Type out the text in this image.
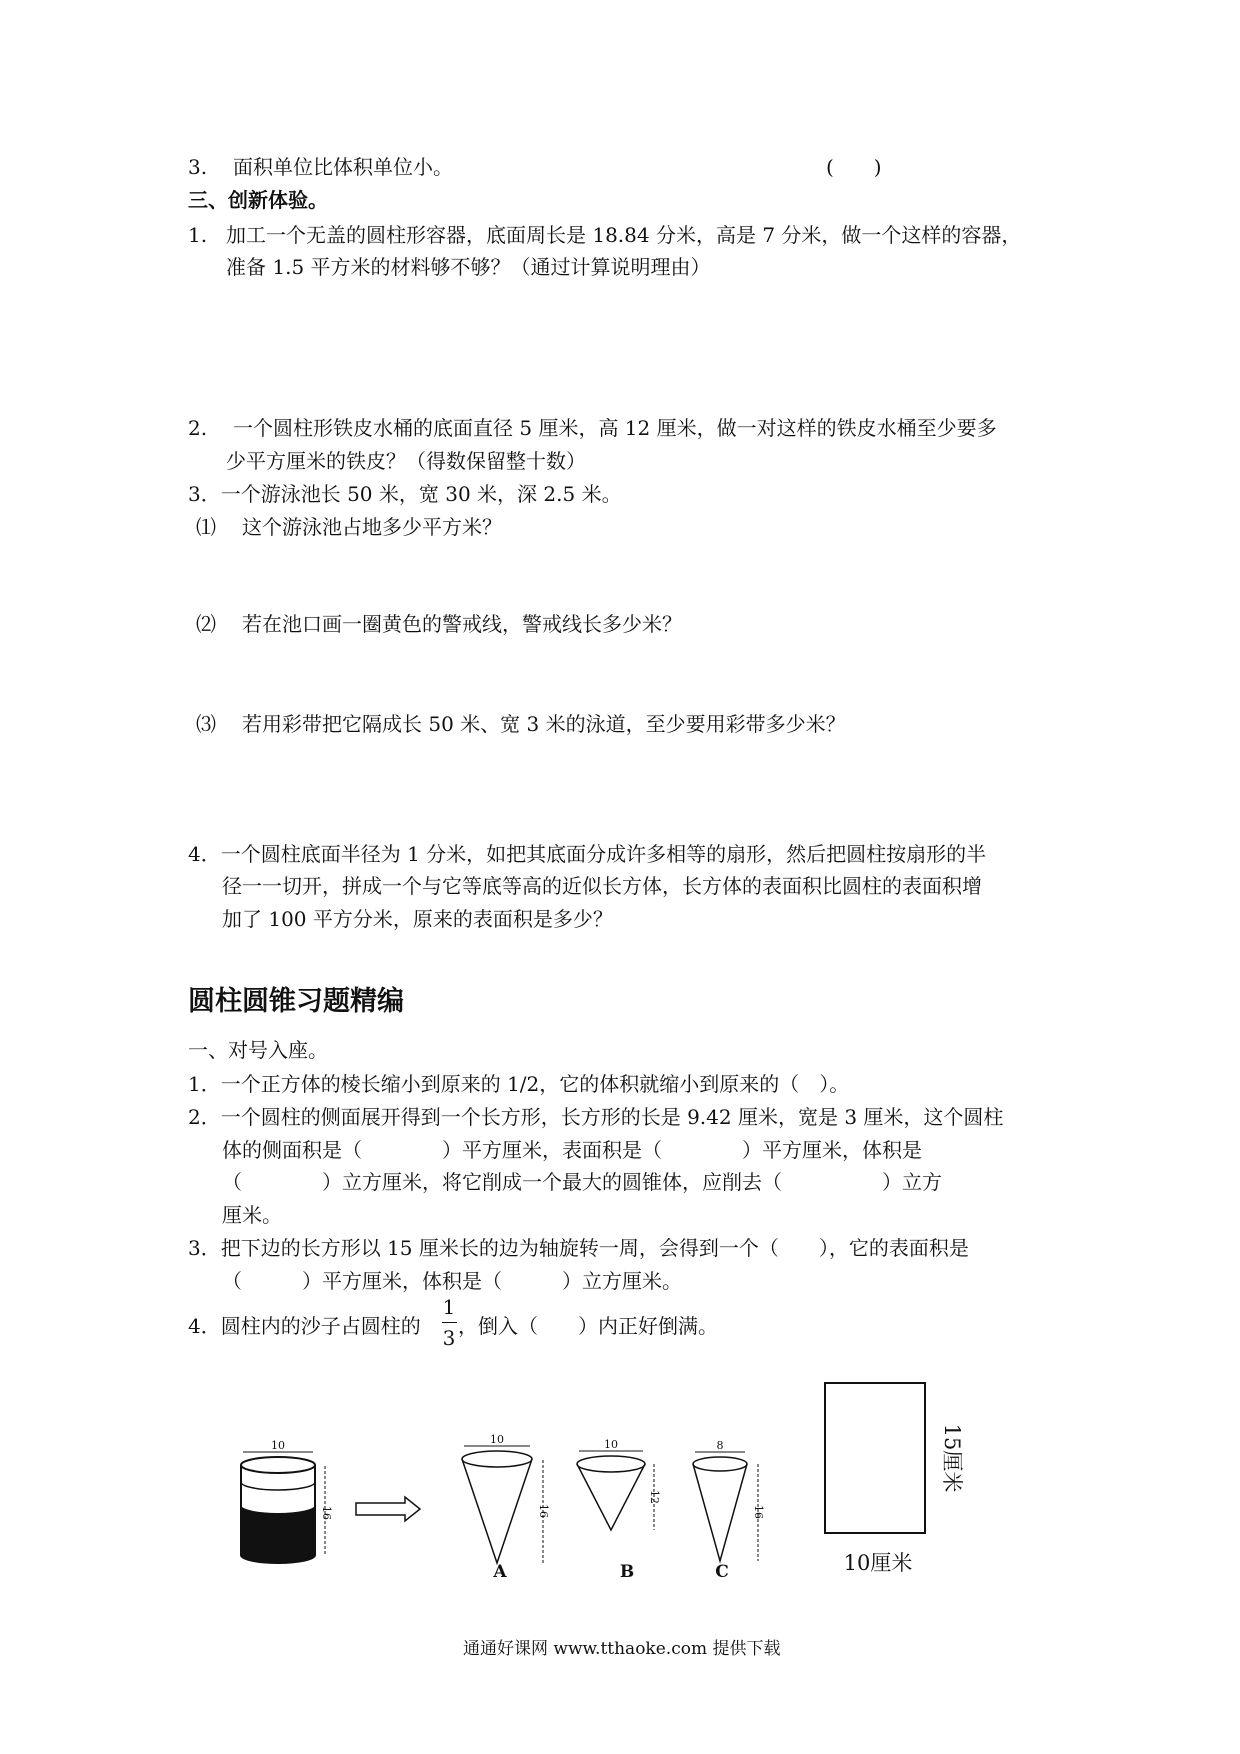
3. 面积单位比体积单位小。	(　　)
三、创新体验。
1. 加工一个无盖的圆柱形容器，底面周长是 18.84 分米，高是 7 分米，做一个这样的容器，
准备 1.5 平方米的材料够不够？（通过计算说明理由）
2. 一个圆柱形铁皮水桶的底面直径 5 厘米，高 12 厘米，做一对这样的铁皮水桶至少要多
少平方厘米的铁皮？（得数保留整十数）
3．一个游泳池长 50 米，宽 30 米，深 2.5 米。
⑴ 这个游泳池占地多少平方米？
⑵ 若在池口画一圈黄色的警戒线，警戒线长多少米？
⑶ 若用彩带把它隔成长 50 米、宽 3 米的泳道，至少要用彩带多少米？
4．一个圆柱底面半径为 1 分米，如把其底面分成许多相等的扇形，然后把圆柱按扇形的半
径一一切开，拼成一个与它等底等高的近似长方体，长方体的表面积比圆柱的表面积增
加了 100 平方分米，原来的表面积是多少？
圆柱圆锥习题精编
一、对号入座。
1．一个正方体的棱长缩小到原来的 1/2，它的体积就缩小到原来的（　）。
2．一个圆柱的侧面展开得到一个长方形，长方形的长是 9.42 厘米，宽是 3 厘米，这个圆柱
体的侧面积是（　　　　）平方厘米，表面积是（　　　　）平方厘米，体积是
（　　　　）立方厘米，将它削成一个最大的圆锥体，应削去（　　　　　）立方
厘米。
3．把下边的长方形以 15 厘米长的边为轴旋转一周，会得到一个（　　），它的表面积是
（　　　）平方厘米，体积是（　　　）立方厘米。
4．圆柱内的沙子占圆柱的
1
3 ，倒入（　　）内正好倒满。
10
16
10
16
A
10
12
B
8
16
C
15厘米
10厘米
通通好课网 www.tthaoke.com 提供下载
